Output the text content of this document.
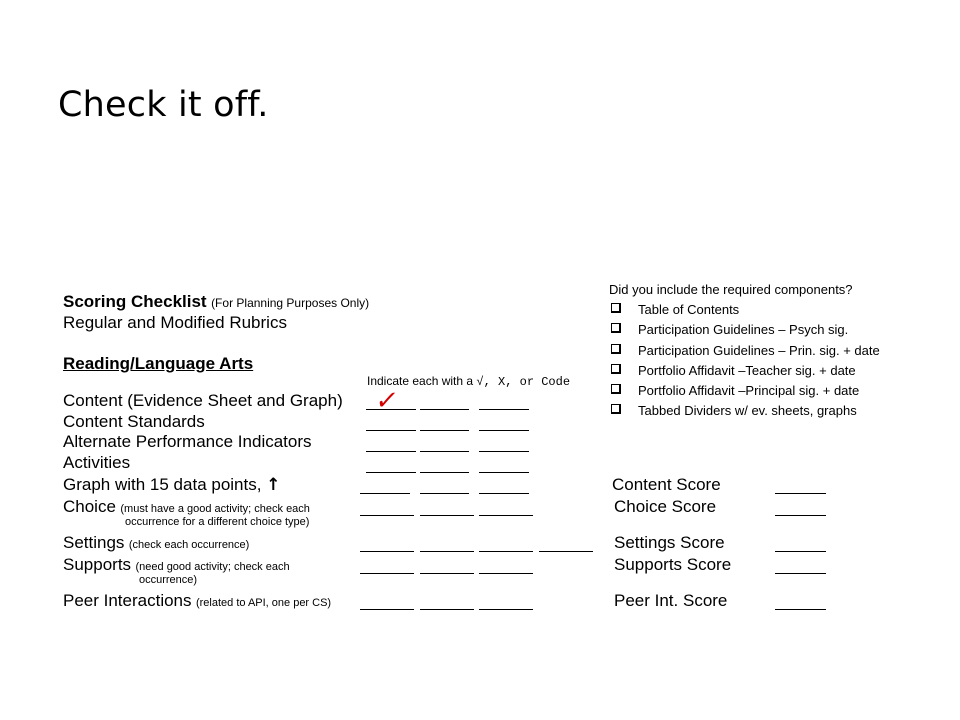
Check it off.
Scoring Checklist (For Planning Purposes Only)
Regular and Modified Rubrics
Reading/Language Arts
Indicate each with a √, X, or Code
Content (Evidence Sheet and Graph)
Content Standards
Alternate Performance Indicators
Activities
Graph with 15 data points, ↑
Choice (must have a good activity; check each
occurrence for a different choice type)
Settings (check each occurrence)
Supports (need good activity; check each
occurrence)
Peer Interactions (related to API, one per CS)
✓
Did you include the required components?
Table of Contents
Participation Guidelines – Psych sig.
Participation Guidelines – Prin. sig. + date
Portfolio Affidavit –Teacher sig. + date
Portfolio Affidavit –Principal sig. + date
Tabbed Dividers w/ ev. sheets, graphs
Content Score
Choice Score
Settings Score
Supports Score
Peer Int. Score
